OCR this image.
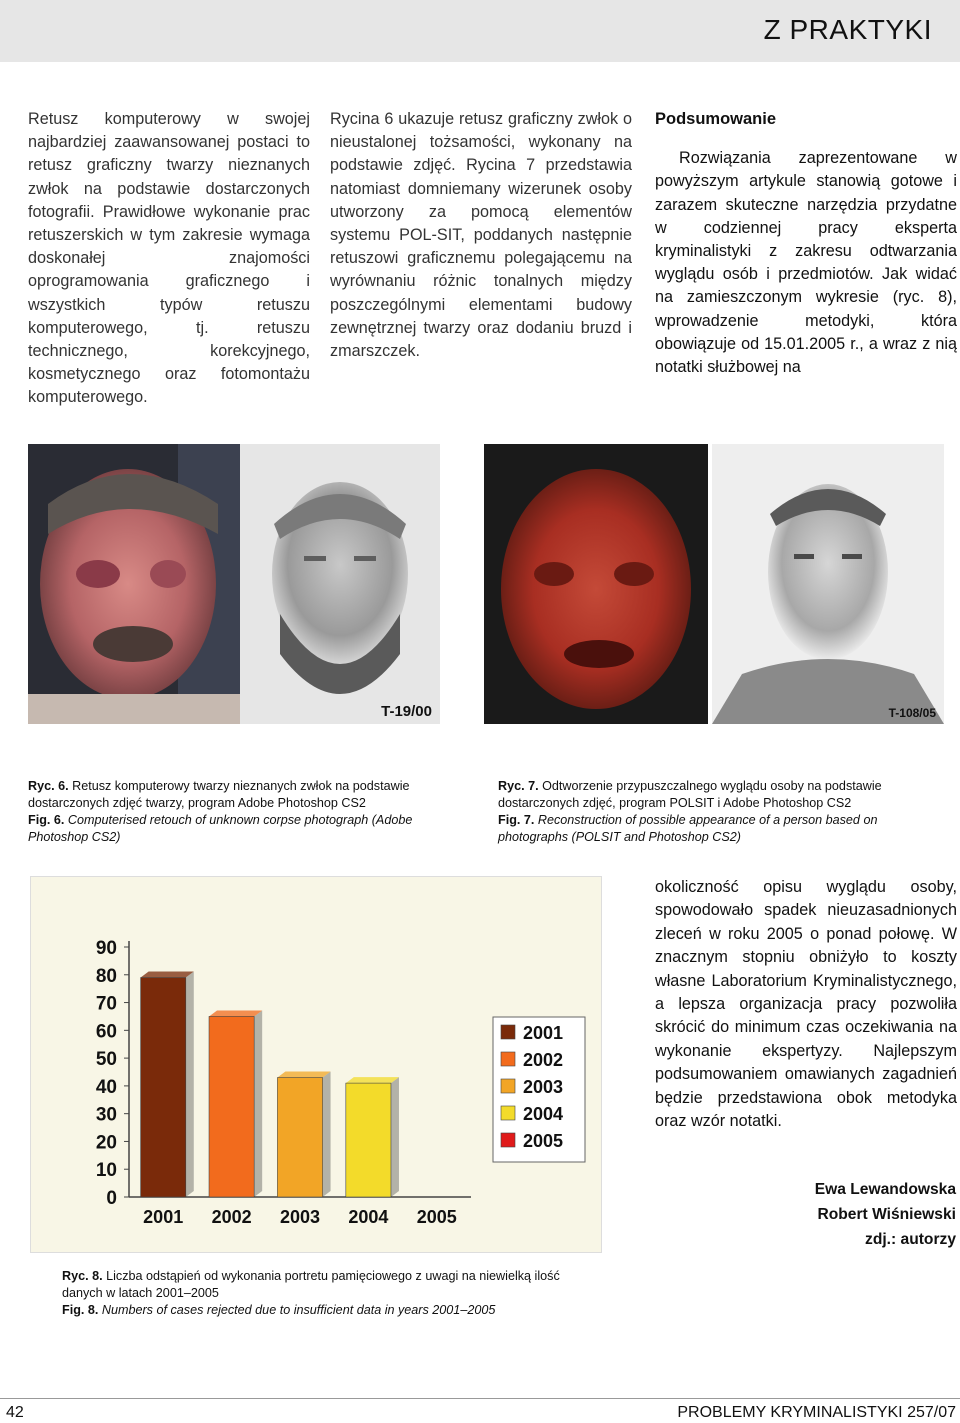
Z PRAKTYKI

Retusz komputerowy w swojej najbardziej zaawansowanej postaci to retusz graficzny twarzy nieznanych zwłok na podstawie dostarczonych fotografii. Prawidłowe wykonanie prac retuszerskich w tym zakresie wymaga doskonałej znajomości oprogramowania graficznego i wszystkich typów retuszu komputerowego, tj. retuszu technicznego, korekcyjnego, kosmetycznego oraz fotomontażu komputerowego.

Rycina 6 ukazuje retusz graficzny zwłok o nieustalonej tożsamości, wykonany na podstawie zdjęć. Rycina 7 przedstawia natomiast domniemany wizerunek osoby utworzony za pomocą elementów systemu POL-SIT, poddanych następnie retuszowi graficznemu polegającemu na wyrównaniu różnic tonalnych między poszczególnymi elementami budowy zewnętrznej twarzy oraz dodaniu bruzd i zmarszczek.

Podsumowanie

Rozwiązania zaprezentowane w powyższym artykule stanowią gotowe i zarazem skuteczne narzędzia przydatne w codziennej pracy eksperta kryminalistyki z zakresu odtwarzania wyglądu osób i przedmiotów. Jak widać na zamieszczonym wykresie (ryc. 8), wprowadzenie metodyki, która obowiązuje od 15.01.2005 r., a wraz z nią notatki służbowej na

T-19/00	T-108/05
Ryc. 6. Retusz komputerowy twarzy nieznanych zwłok na podstawie dostarczonych zdjęć twarzy, program Adobe Photoshop CS2
Fig. 6. Computerised retouch of unknown corpse photograph (Adobe Photoshop CS2)
Ryc. 7. Odtworzenie przypuszczalnego wyglądu osoby na podstawie dostarczonych zdjęć, program POLSIT i Adobe Photoshop CS2
Fig. 7. Reconstruction of possible appearance of a person based on photographs (POLSIT and Photoshop CS2)
0
10
20
30
40
50
60
70
80
90
2001 2002 2003 2004 2005
2001
2002
2003
2004
2005

okoliczność opisu wyglądu osoby, spowodowało spadek nieuzasadnionych zleceń w roku 2005 o ponad połowę. W znacznym stopniu obniżyło to koszty własne Laboratorium Kryminalistycznego, a lepsza organizacja pracy pozwoliła skrócić do minimum czas oczekiwania na wykonanie ekspertyzy. Najlepszym podsumowaniem omawianych zagadnień będzie przedstawiona obok metodyka oraz wzór notatki.

Ewa Lewandowska
Robert Wiśniewski
zdj.: autorzy
Ryc. 8. Liczba odstąpień od wykonania portretu pamięciowego z uwagi na niewielką ilość danych w latach 2001–2005
Fig. 8. Numbers of cases rejected due to insufficient data in years 2001–2005
42	PROBLEMY KRYMINALISTYKI 257/07
